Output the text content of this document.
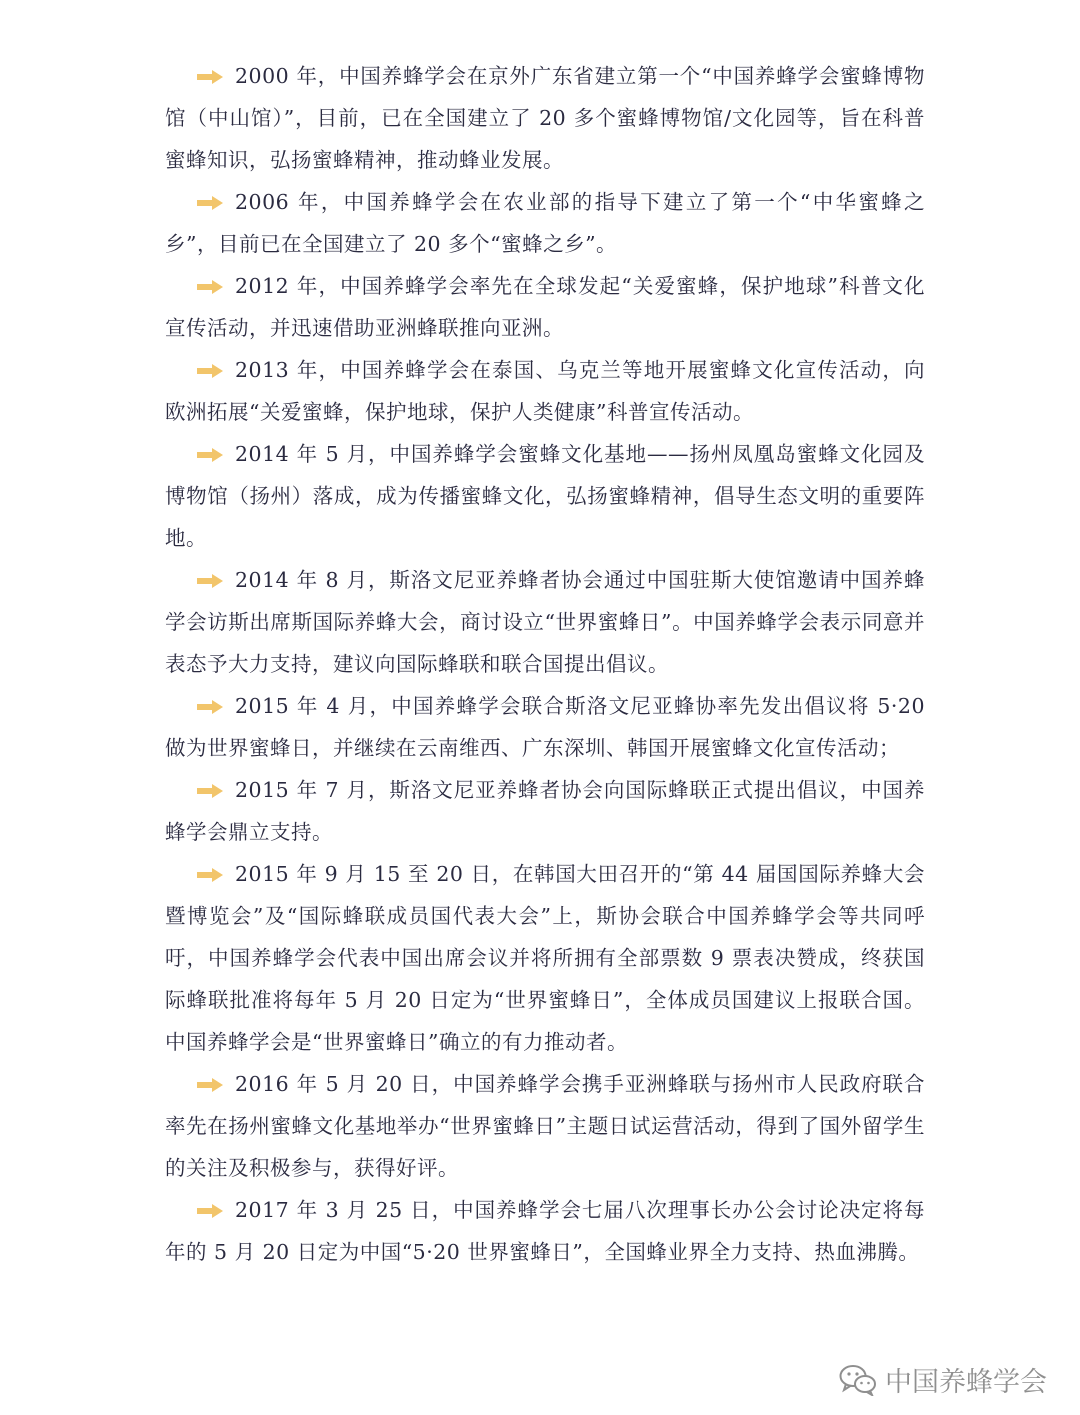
2000 年，中国养蜂学会在京外广东省建立第一个“中国养蜂学会蜜蜂博物馆（中山馆）”，目前，已在全国建立了 20 多个蜜蜂博物馆/文化园等，旨在科普蜜蜂知识，弘扬蜜蜂精神，推动蜂业发展。

2006 年，中国养蜂学会在农业部的指导下建立了第一个“中华蜜蜂之乡”，目前已在全国建立了 20 多个“蜜蜂之乡”。

2012 年，中国养蜂学会率先在全球发起“关爱蜜蜂，保护地球”科普文化宣传活动，并迅速借助亚洲蜂联推向亚洲。

2013 年，中国养蜂学会在泰国、乌克兰等地开展蜜蜂文化宣传活动，向欧洲拓展“关爱蜜蜂，保护地球，保护人类健康”科普宣传活动。

2014 年 5 月，中国养蜂学会蜜蜂文化基地——扬州凤凰岛蜜蜂文化园及博物馆（扬州）落成，成为传播蜜蜂文化，弘扬蜜蜂精神，倡导生态文明的重要阵地。

2014 年 8 月，斯洛文尼亚养蜂者协会通过中国驻斯大使馆邀请中国养蜂学会访斯出席斯国际养蜂大会，商讨设立“世界蜜蜂日”。中国养蜂学会表示同意并表态予大力支持，建议向国际蜂联和联合国提出倡议。

2015 年 4 月，中国养蜂学会联合斯洛文尼亚蜂协率先发出倡议将 5·20 做为世界蜜蜂日，并继续在云南维西、广东深圳、韩国开展蜜蜂文化宣传活动；

2015 年 7 月，斯洛文尼亚养蜂者协会向国际蜂联正式提出倡议，中国养蜂学会鼎立支持。

2015 年 9 月 15 至 20 日，在韩国大田召开的“第 44 届国国际养蜂大会暨博览会”及“国际蜂联成员国代表大会”上，斯协会联合中国养蜂学会等共同呼吁，中国养蜂学会代表中国出席会议并将所拥有全部票数 9 票表决赞成，终获国际蜂联批准将每年 5 月 20 日定为“世界蜜蜂日”，全体成员国建议上报联合国。中国养蜂学会是“世界蜜蜂日”确立的有力推动者。

2016 年 5 月 20 日，中国养蜂学会携手亚洲蜂联与扬州市人民政府联合率先在扬州蜜蜂文化基地举办“世界蜜蜂日”主题日试运营活动，得到了国外留学生的关注及积极参与，获得好评。

2017 年 3 月 25 日，中国养蜂学会七届八次理事长办公会讨论决定将每年的 5 月 20 日定为中国“5·20 世界蜜蜂日”，全国蜂业界全力支持、热血沸腾。

中国养蜂学会
